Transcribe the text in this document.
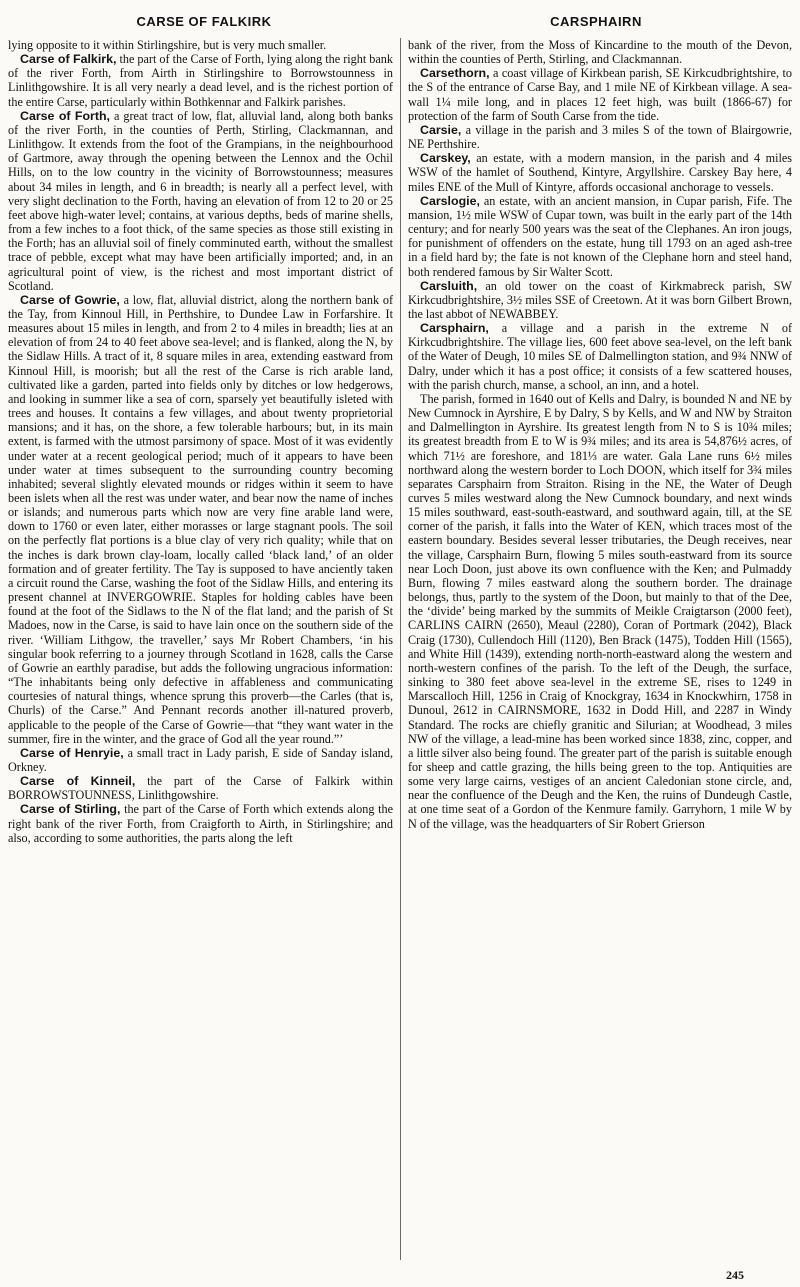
CARSE OF FALKIRK	CARSPHAIRN

lying opposite to it within Stirlingshire, but is very much smaller.

Carse of Falkirk, the part of the Carse of Forth, lying along the right bank of the river Forth, from Airth in Stirlingshire to Borrowstounness in Linlithgowshire. It is all very nearly a dead level, and is the richest portion of the entire Carse, particularly within Bothkennar and Falkirk parishes.

Carse of Forth, a great tract of low, flat, alluvial land, along both banks of the river Forth, in the counties of Perth, Stirling, Clackmannan, and Linlithgow. It extends from the foot of the Grampians, in the neighbourhood of Gartmore, away through the opening between the Lennox and the Ochil Hills, on to the low country in the vicinity of Borrowstounness; measures about 34 miles in length, and 6 in breadth; is nearly all a perfect level, with very slight declination to the Forth, having an elevation of from 12 to 20 or 25 feet above high-water level; contains, at various depths, beds of marine shells, from a few inches to a foot thick, of the same species as those still existing in the Forth; has an alluvial soil of finely comminuted earth, without the smallest trace of pebble, except what may have been artificially imported; and, in an agricultural point of view, is the richest and most important district of Scotland.

Carse of Gowrie, a low, flat, alluvial district, along the northern bank of the Tay, from Kinnoul Hill, in Perthshire, to Dundee Law in Forfarshire. It measures about 15 miles in length, and from 2 to 4 miles in breadth; lies at an elevation of from 24 to 40 feet above sea-level; and is flanked, along the N, by the Sidlaw Hills. A tract of it, 8 square miles in area, extending eastward from Kinnoul Hill, is moorish; but all the rest of the Carse is rich arable land, cultivated like a garden, parted into fields only by ditches or low hedgerows, and looking in summer like a sea of corn, sparsely yet beautifully isleted with trees and houses. It contains a few villages, and about twenty proprietorial mansions; and it has, on the shore, a few tolerable harbours; but, in its main extent, is farmed with the utmost parsimony of space. Most of it was evidently under water at a recent geological period; much of it appears to have been under water at times subsequent to the surrounding country becoming inhabited; several slightly elevated mounds or ridges within it seem to have been islets when all the rest was under water, and bear now the name of inches or islands; and numerous parts which now are very fine arable land were, down to 1760 or even later, either morasses or large stagnant pools. The soil on the perfectly flat portions is a blue clay of very rich quality; while that on the inches is dark brown clay-loam, locally called ‘black land,’ of an older formation and of greater fertility. The Tay is supposed to have anciently taken a circuit round the Carse, washing the foot of the Sidlaw Hills, and entering its present channel at INVERGOWRIE. Staples for holding cables have been found at the foot of the Sidlaws to the N of the flat land; and the parish of St Madoes, now in the Carse, is said to have lain once on the southern side of the river. ‘William Lithgow, the traveller,’ says Mr Robert Chambers, ‘in his singular book referring to a journey through Scotland in 1628, calls the Carse of Gowrie an earthly paradise, but adds the following ungracious information: “The inhabitants being only defective in affableness and communicating courtesies of natural things, whence sprung this proverb—the Carles (that is, Churls) of the Carse.” And Pennant records another ill-natured proverb, applicable to the people of the Carse of Gowrie—that “they want water in the summer, fire in the winter, and the grace of God all the year round.”’

Carse of Henryie, a small tract in Lady parish, E side of Sanday island, Orkney.

Carse of Kinneil, the part of the Carse of Falkirk within BORROWSTOUNNESS, Linlithgowshire.

Carse of Stirling, the part of the Carse of Forth which extends along the right bank of the river Forth, from Craigforth to Airth, in Stirlingshire; and also, according to some authorities, the parts along the left

bank of the river, from the Moss of Kincardine to the mouth of the Devon, within the counties of Perth, Stirling, and Clackmannan.

Carsethorn, a coast village of Kirkbean parish, SE Kirkcudbrightshire, to the S of the entrance of Carse Bay, and 1 mile NE of Kirkbean village. A sea-wall 1¼ mile long, and in places 12 feet high, was built (1866-67) for protection of the farm of South Carse from the tide.

Carsie, a village in the parish and 3 miles S of the town of Blairgowrie, NE Perthshire.

Carskey, an estate, with a modern mansion, in the parish and 4 miles WSW of the hamlet of Southend, Kintyre, Argyllshire. Carskey Bay here, 4 miles ENE of the Mull of Kintyre, affords occasional anchorage to vessels.

Carslogie, an estate, with an ancient mansion, in Cupar parish, Fife. The mansion, 1½ mile WSW of Cupar town, was built in the early part of the 14th century; and for nearly 500 years was the seat of the Clephanes. An iron jougs, for punishment of offenders on the estate, hung till 1793 on an aged ash-tree in a field hard by; the fate is not known of the Clephane horn and steel hand, both rendered famous by Sir Walter Scott.

Carsluith, an old tower on the coast of Kirkmabreck parish, SW Kirkcudbrightshire, 3½ miles SSE of Creetown. At it was born Gilbert Brown, the last abbot of NEWABBEY.

Carsphairn, a village and a parish in the extreme N of Kirkcudbrightshire. The village lies, 600 feet above sea-level, on the left bank of the Water of Deugh, 10 miles SE of Dalmellington station, and 9¾ NNW of Dalry, under which it has a post office; it consists of a few scattered houses, with the parish church, manse, a school, an inn, and a hotel.

The parish, formed in 1640 out of Kells and Dalry, is bounded N and NE by New Cumnock in Ayrshire, E by Dalry, S by Kells, and W and NW by Straiton and Dalmellington in Ayrshire. Its greatest length from N to S is 10¾ miles; its greatest breadth from E to W is 9¾ miles; and its area is 54,876½ acres, of which 71½ are foreshore, and 181⅓ are water. Gala Lane runs 6½ miles northward along the western border to Loch DOON, which itself for 3¾ miles separates Carsphairn from Straiton. Rising in the NE, the Water of Deugh curves 5 miles westward along the New Cumnock boundary, and next winds 15 miles southward, east-south-eastward, and southward again, till, at the SE corner of the parish, it falls into the Water of KEN, which traces most of the eastern boundary. Besides several lesser tributaries, the Deugh receives, near the village, Carsphairn Burn, flowing 5 miles south-eastward from its source near Loch Doon, just above its own confluence with the Ken; and Pulmaddy Burn, flowing 7 miles eastward along the southern border. The drainage belongs, thus, partly to the system of the Doon, but mainly to that of the Dee, the ‘divide’ being marked by the summits of Meikle Craigtarson (2000 feet), CARLINS CAIRN (2650), Meaul (2280), Coran of Portmark (2042), Black Craig (1730), Cullendoch Hill (1120), Ben Brack (1475), Todden Hill (1565), and White Hill (1439), extending north-north-eastward along the western and north-western confines of the parish. To the left of the Deugh, the surface, sinking to 380 feet above sea-level in the extreme SE, rises to 1249 in Marscalloch Hill, 1256 in Craig of Knockgray, 1634 in Knockwhirn, 1758 in Dunoul, 2612 in CAIRNSMORE, 1632 in Dodd Hill, and 2287 in Windy Standard. The rocks are chiefly granitic and Silurian; at Woodhead, 3 miles NW of the village, a lead-mine has been worked since 1838, zinc, copper, and a little silver also being found. The greater part of the parish is suitable enough for sheep and cattle grazing, the hills being green to the top. Antiquities are some very large cairns, vestiges of an ancient Caledonian stone circle, and, near the confluence of the Deugh and the Ken, the ruins of Dundeugh Castle, at one time seat of a Gordon of the Kenmure family. Garryhorn, 1 mile W by N of the village, was the headquarters of Sir Robert Grierson

245
